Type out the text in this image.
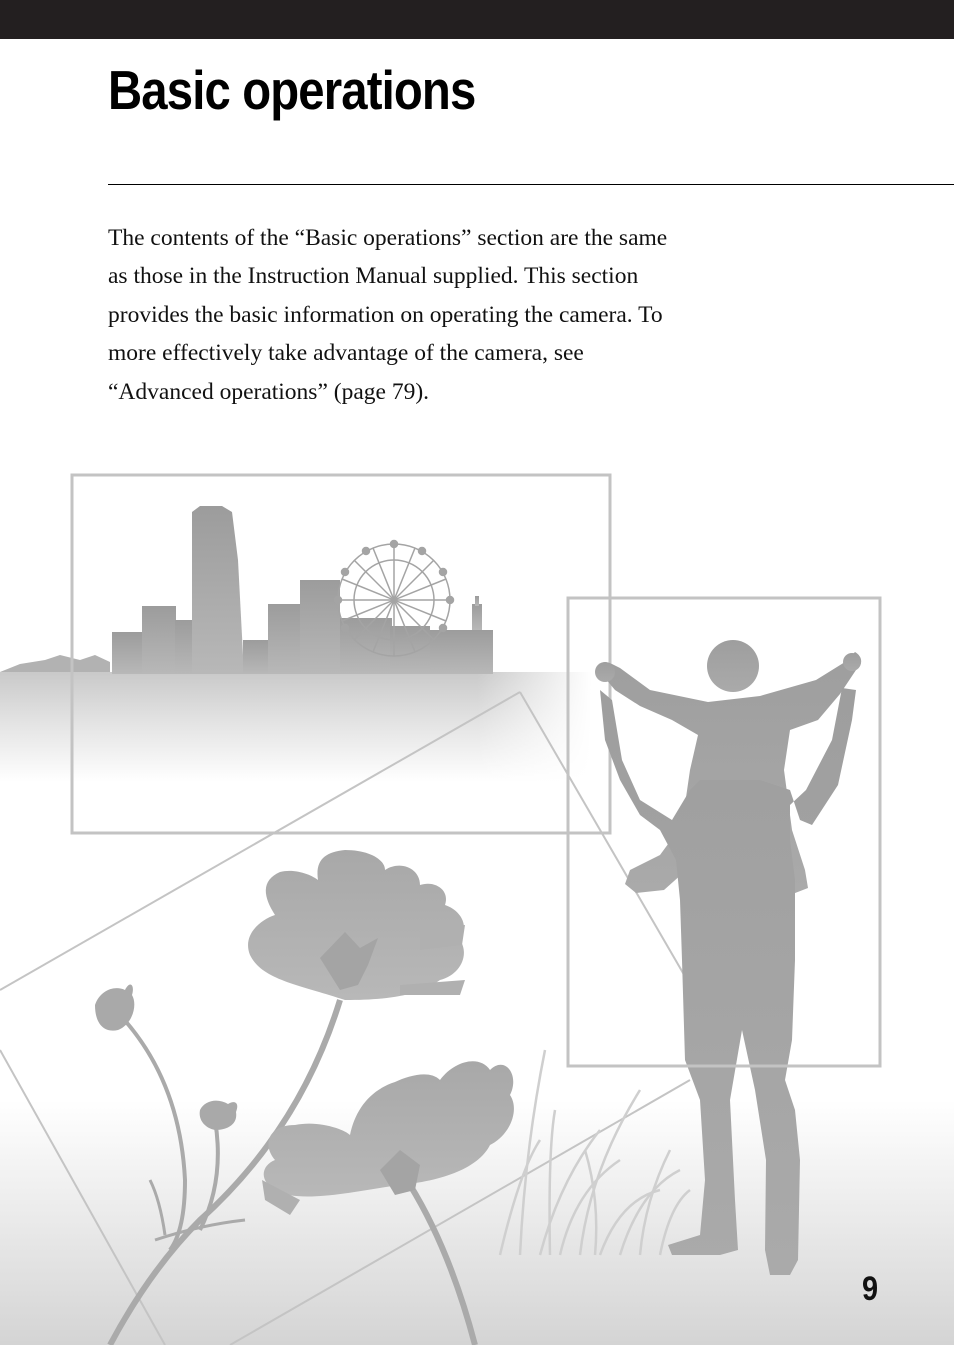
Basic operations

The contents of the “Basic operations” section are the same as those in the Instruction Manual supplied. This section provides the basic information on operating the camera. To more effectively take advantage of the camera, see “Advanced operations” (page 79).

9
